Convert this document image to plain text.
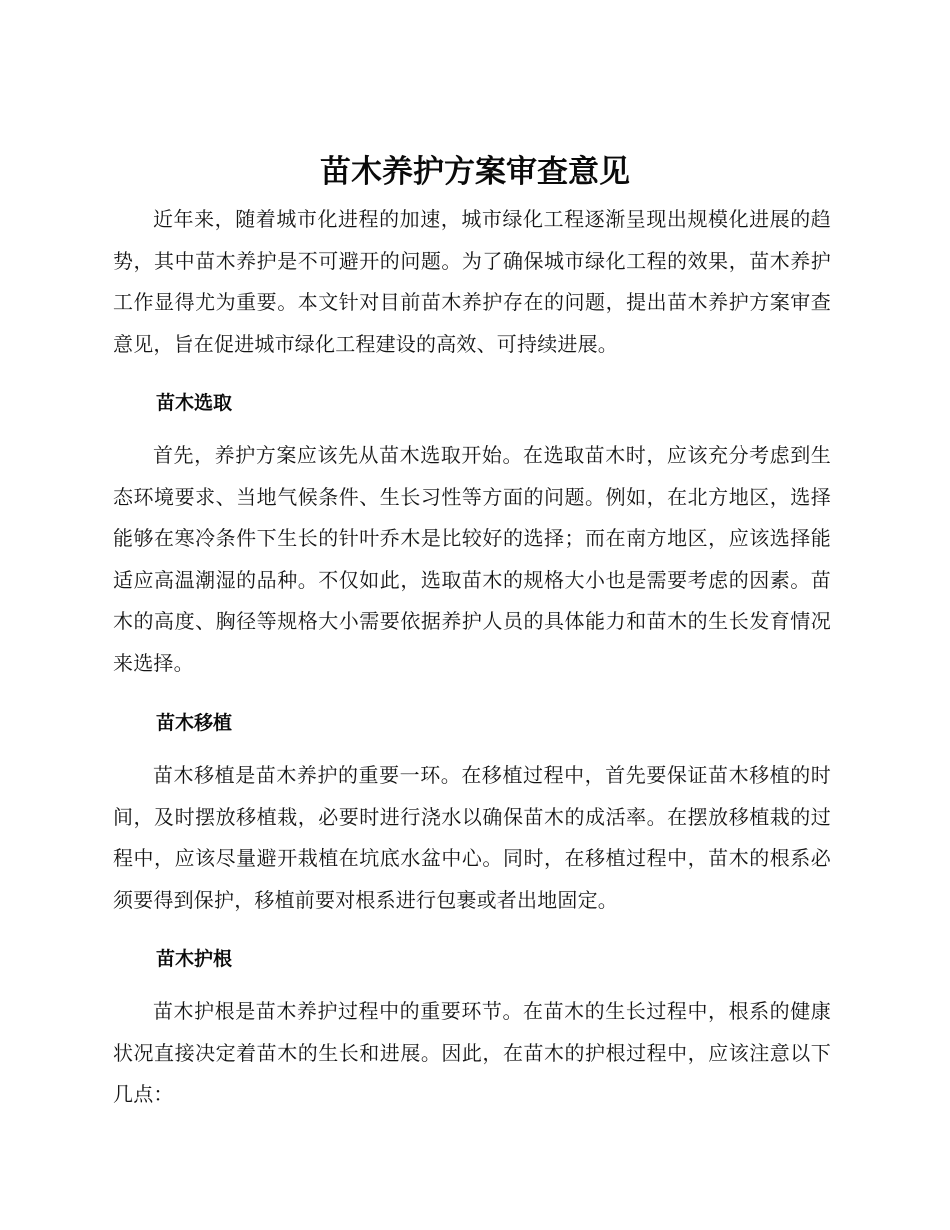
苗木养护方案审查意见

近年来，随着城市化进程的加速，城市绿化工程逐渐呈现出规模化进展的趋势，其中苗木养护是不可避开的问题。为了确保城市绿化工程的效果，苗木养护工作显得尤为重要。本文针对目前苗木养护存在的问题，提出苗木养护方案审查意见，旨在促进城市绿化工程建设的高效、可持续进展。

苗木选取

首先，养护方案应该先从苗木选取开始。在选取苗木时，应该充分考虑到生态环境要求、当地气候条件、生长习性等方面的问题。例如，在北方地区，选择能够在寒冷条件下生长的针叶乔木是比较好的选择；而在南方地区，应该选择能适应高温潮湿的品种。不仅如此，选取苗木的规格大小也是需要考虑的因素。苗木的高度、胸径等规格大小需要依据养护人员的具体能力和苗木的生长发育情况来选择。

苗木移植

苗木移植是苗木养护的重要一环。在移植过程中，首先要保证苗木移植的时间，及时摆放移植栽，必要时进行浇水以确保苗木的成活率。在摆放移植栽的过程中，应该尽量避开栽植在坑底水盆中心。同时，在移植过程中，苗木的根系必须要得到保护，移植前要对根系进行包裹或者出地固定。

苗木护根

苗木护根是苗木养护过程中的重要环节。在苗木的生长过程中，根系的健康状况直接决定着苗木的生长和进展。因此，在苗木的护根过程中，应该注意以下几点：
